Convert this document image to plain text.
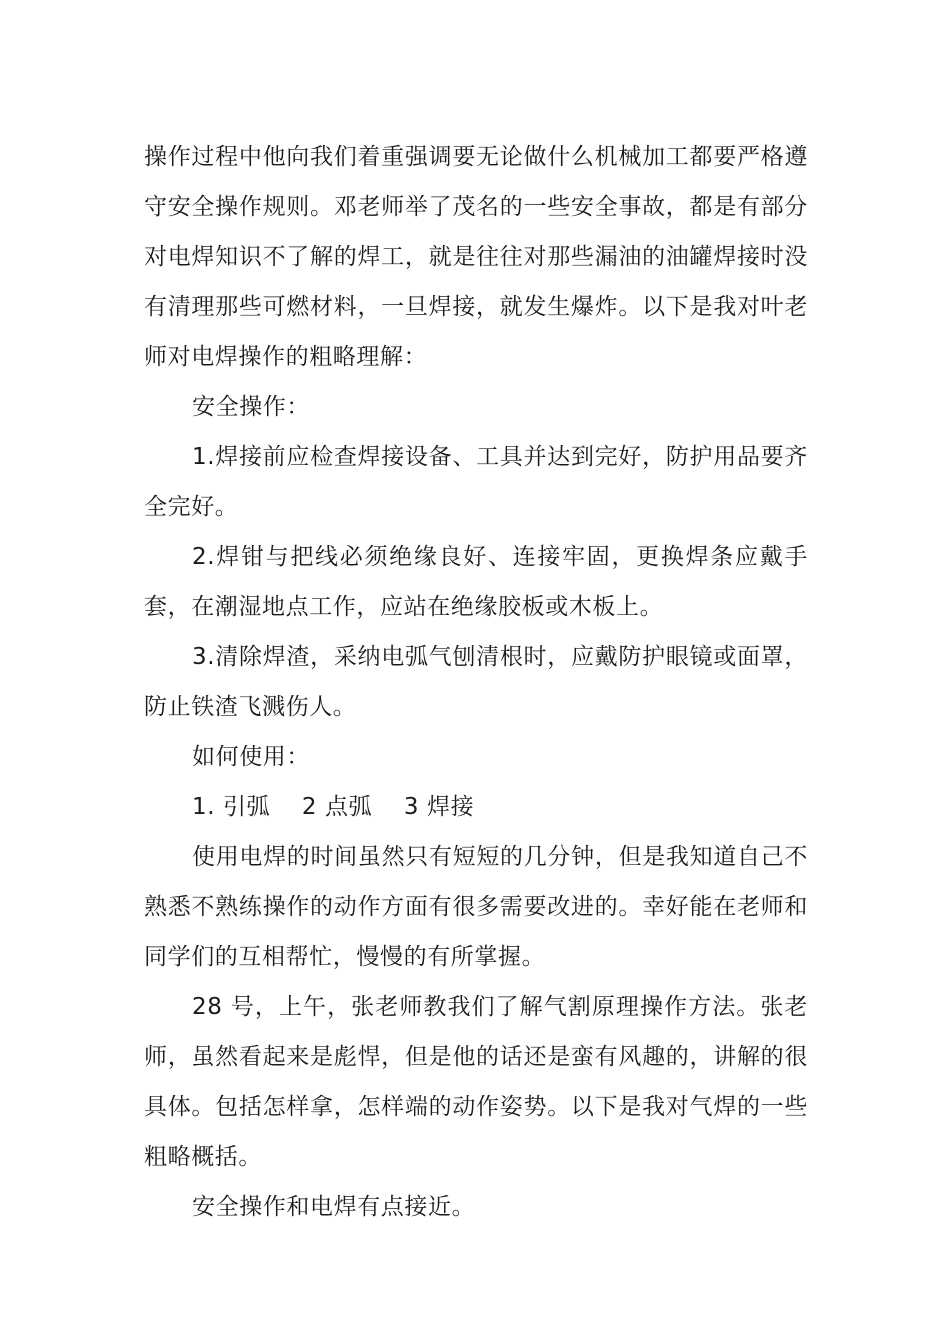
操作过程中他向我们着重强调要无论做什么机械加工都要严格遵守安全操作规则。邓老师举了茂名的一些安全事故，都是有部分对电焊知识不了解的焊工，就是往往对那些漏油的油罐焊接时没有清理那些可燃材料，一旦焊接，就发生爆炸。以下是我对叶老师对电焊操作的粗略理解：

安全操作：

1.焊接前应检查焊接设备、工具并达到完好，防护用品要齐全完好。

2.焊钳与把线必须绝缘良好、连接牢固，更换焊条应戴手套，在潮湿地点工作，应站在绝缘胶板或木板上。

3.清除焊渣，采纳电弧气刨清根时，应戴防护眼镜或面罩，防止铁渣飞溅伤人。

如何使用：

1. 引弧    2 点弧    3 焊接

使用电焊的时间虽然只有短短的几分钟，但是我知道自己不熟悉不熟练操作的动作方面有很多需要改进的。幸好能在老师和同学们的互相帮忙，慢慢的有所掌握。

28 号，上午，张老师教我们了解气割原理操作方法。张老师，虽然看起来是彪悍，但是他的话还是蛮有风趣的，讲解的很具体。包括怎样拿，怎样端的动作姿势。以下是我对气焊的一些粗略概括。

安全操作和电焊有点接近。
